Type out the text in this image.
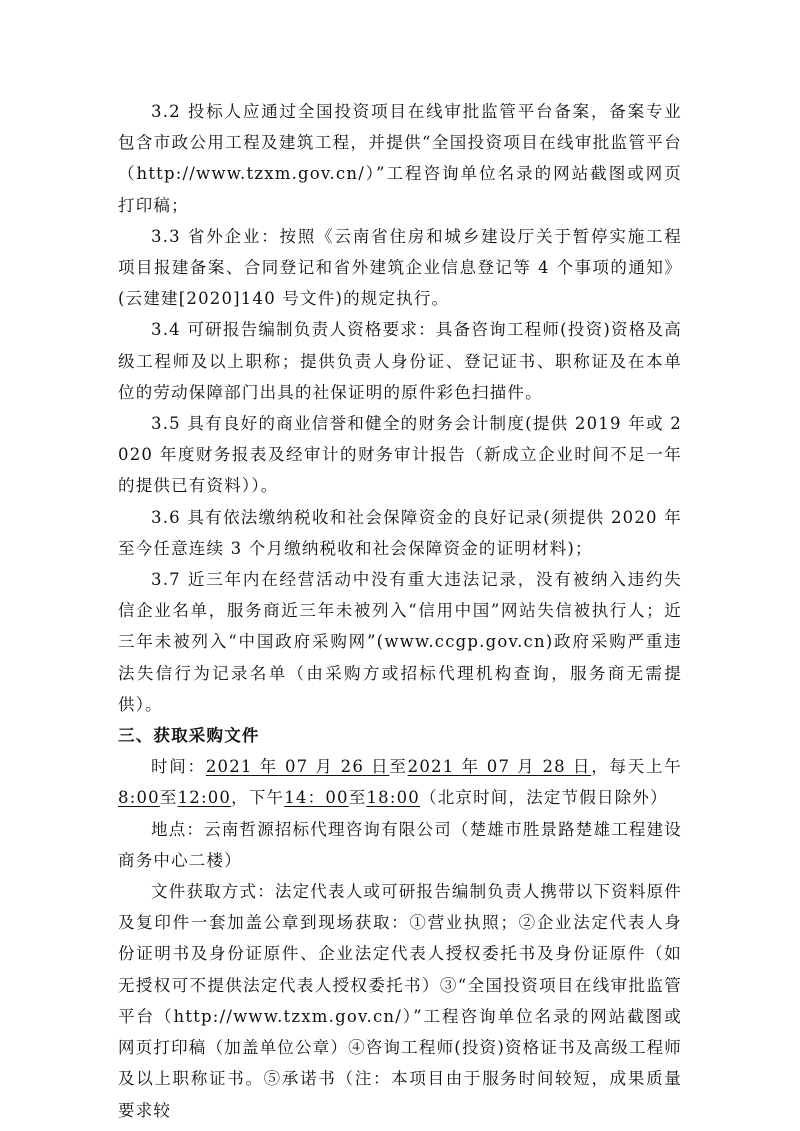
3.2 投标人应通过全国投资项目在线审批监管平台备案，备案专业包含市政公用工程及建筑工程，并提供“全国投资项目在线审批监管平台（http://www.tzxm.gov.cn/）”工程咨询单位名录的网站截图或网页打印稿；

3.3 省外企业：按照《云南省住房和城乡建设厅关于暂停实施工程项目报建备案、合同登记和省外建筑企业信息登记等 4 个事项的通知》(云建建[2020]140 号文件)的规定执行。

3.4 可研报告编制负责人资格要求：具备咨询工程师(投资)资格及高级工程师及以上职称；提供负责人身份证、登记证书、职称证及在本单位的劳动保障部门出具的社保证明的原件彩色扫描件。

3.5 具有良好的商业信誉和健全的财务会计制度(提供 2019 年或 2020 年度财务报表及经审计的财务审计报告（新成立企业时间不足一年的提供已有资料））。

3.6 具有依法缴纳税收和社会保障资金的良好记录(须提供 2020 年至今任意连续 3 个月缴纳税收和社会保障资金的证明材料)；

3.7 近三年内在经营活动中没有重大违法记录，没有被纳入违约失信企业名单，服务商近三年未被列入“信用中国”网站失信被执行人；近三年未被列入“中国政府采购网”(www.ccgp.gov.cn)政府采购严重违法失信行为记录名单（由采购方或招标代理机构查询，服务商无需提供）。

三、获取采购文件

时间：2021 年 07 月 26 日至2021 年 07 月 28 日，每天上午8:00至12:00，下午14：00至18:00（北京时间，法定节假日除外）

地点：云南哲源招标代理咨询有限公司（楚雄市胜景路楚雄工程建设商务中心二楼）

文件获取方式：法定代表人或可研报告编制负责人携带以下资料原件及复印件一套加盖公章到现场获取：①营业执照；②企业法定代表人身份证明书及身份证原件、企业法定代表人授权委托书及身份证原件（如无授权可不提供法定代表人授权委托书）③“全国投资项目在线审批监管平台（http://www.tzxm.gov.cn/）”工程咨询单位名录的网站截图或网页打印稿（加盖单位公章）④咨询工程师(投资)资格证书及高级工程师及以上职称证书。⑤承诺书（注：本项目由于服务时间较短，成果质量要求较
